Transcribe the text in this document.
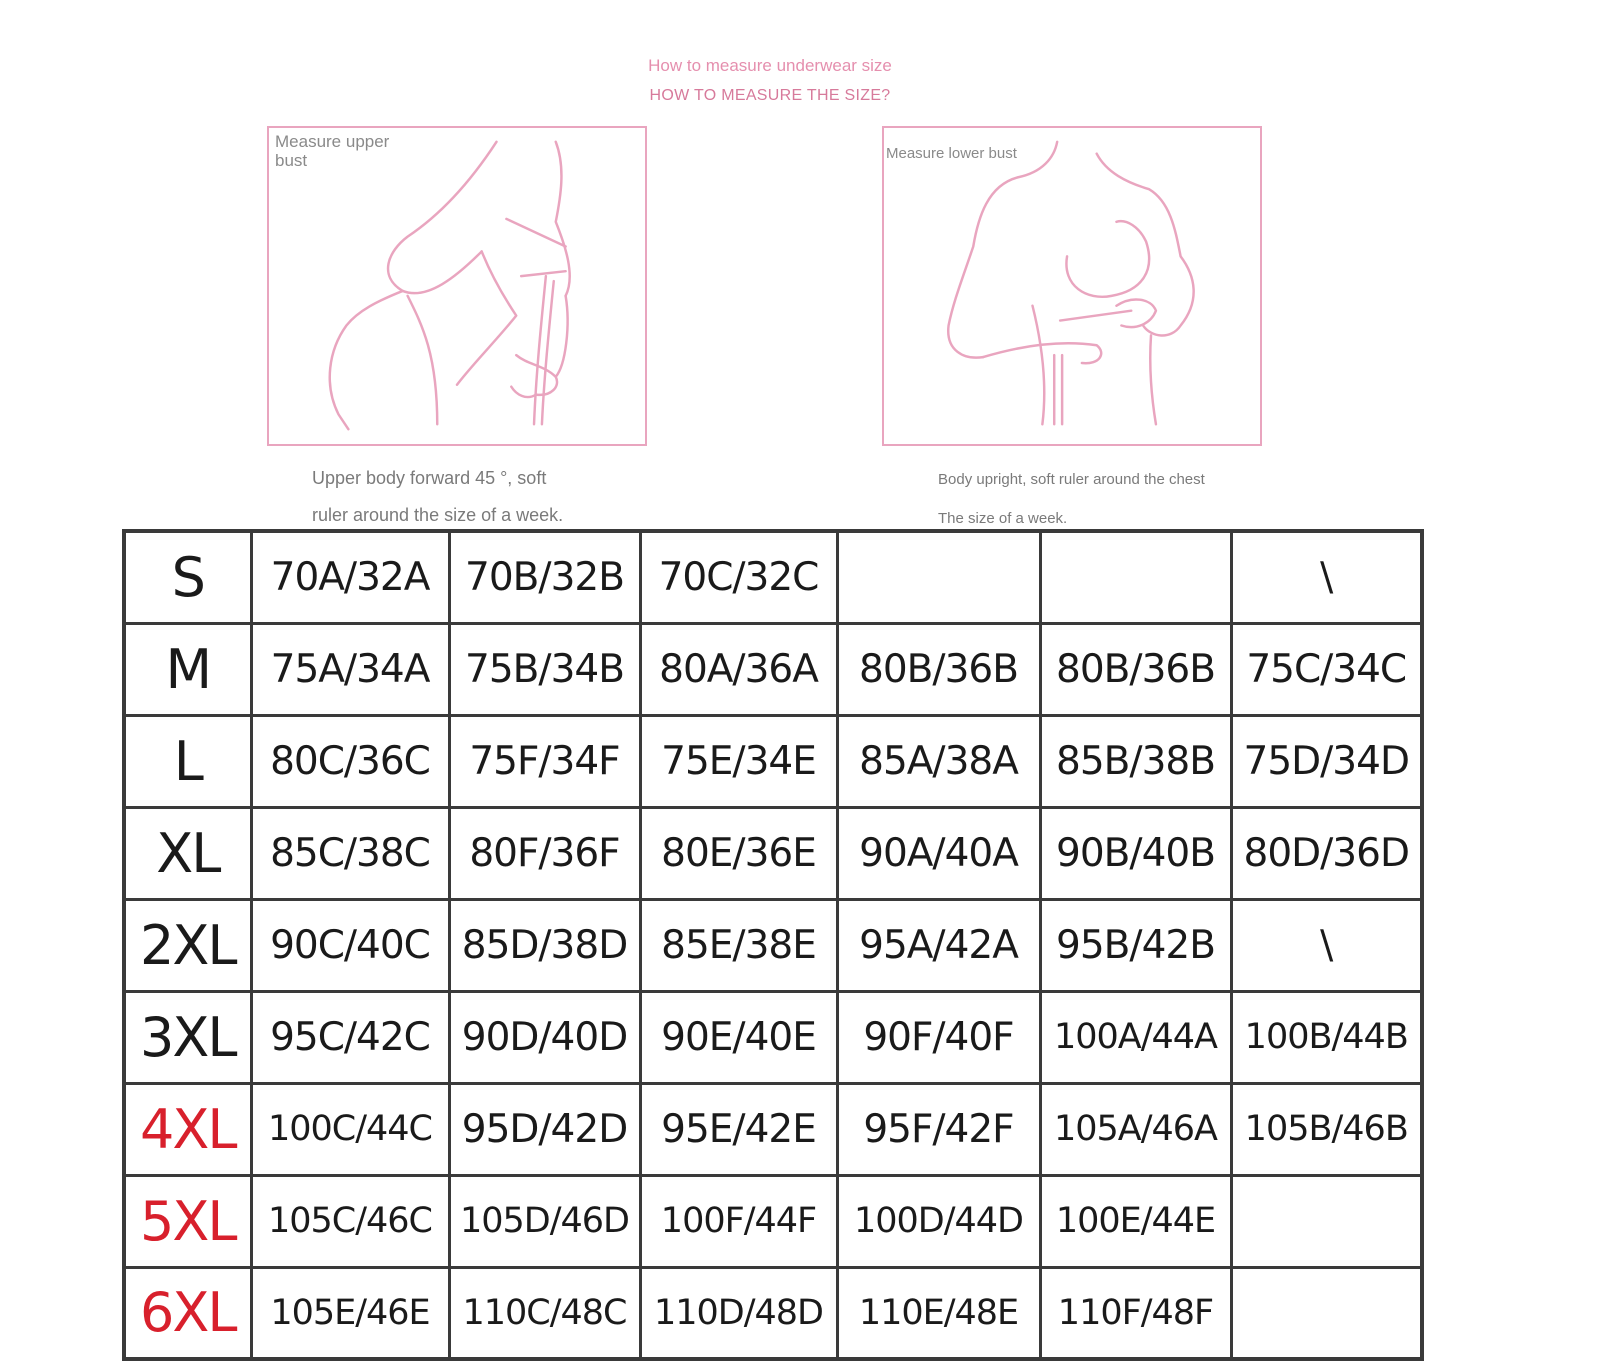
How to measure underwear size
HOW TO MEASURE THE SIZE?
Measure upper bust	Measure lower bust
Upper body forward 45 °, soft
ruler around the size of a week.
Body upright, soft ruler around the chest
The size of a week.
S	70A/32A	70B/32B	70C/32C			\
M	75A/34A	75B/34B	80A/36A	80B/36B	80B/36B	75C/34C
L	80C/36C	75F/34F	75E/34E	85A/38A	85B/38B	75D/34D
XL	85C/38C	80F/36F	80E/36E	90A/40A	90B/40B	80D/36D
2XL	90C/40C	85D/38D	85E/38E	95A/42A	95B/42B	\
3XL	95C/42C	90D/40D	90E/40E	90F/40F	100A/44A	100B/44B
4XL	100C/44C	95D/42D	95E/42E	95F/42F	105A/46A	105B/46B
5XL	105C/46C	105D/46D	100F/44F	100D/44D	100E/44E	
6XL	105E/46E	110C/48C	110D/48D	110E/48E	110F/48F	
